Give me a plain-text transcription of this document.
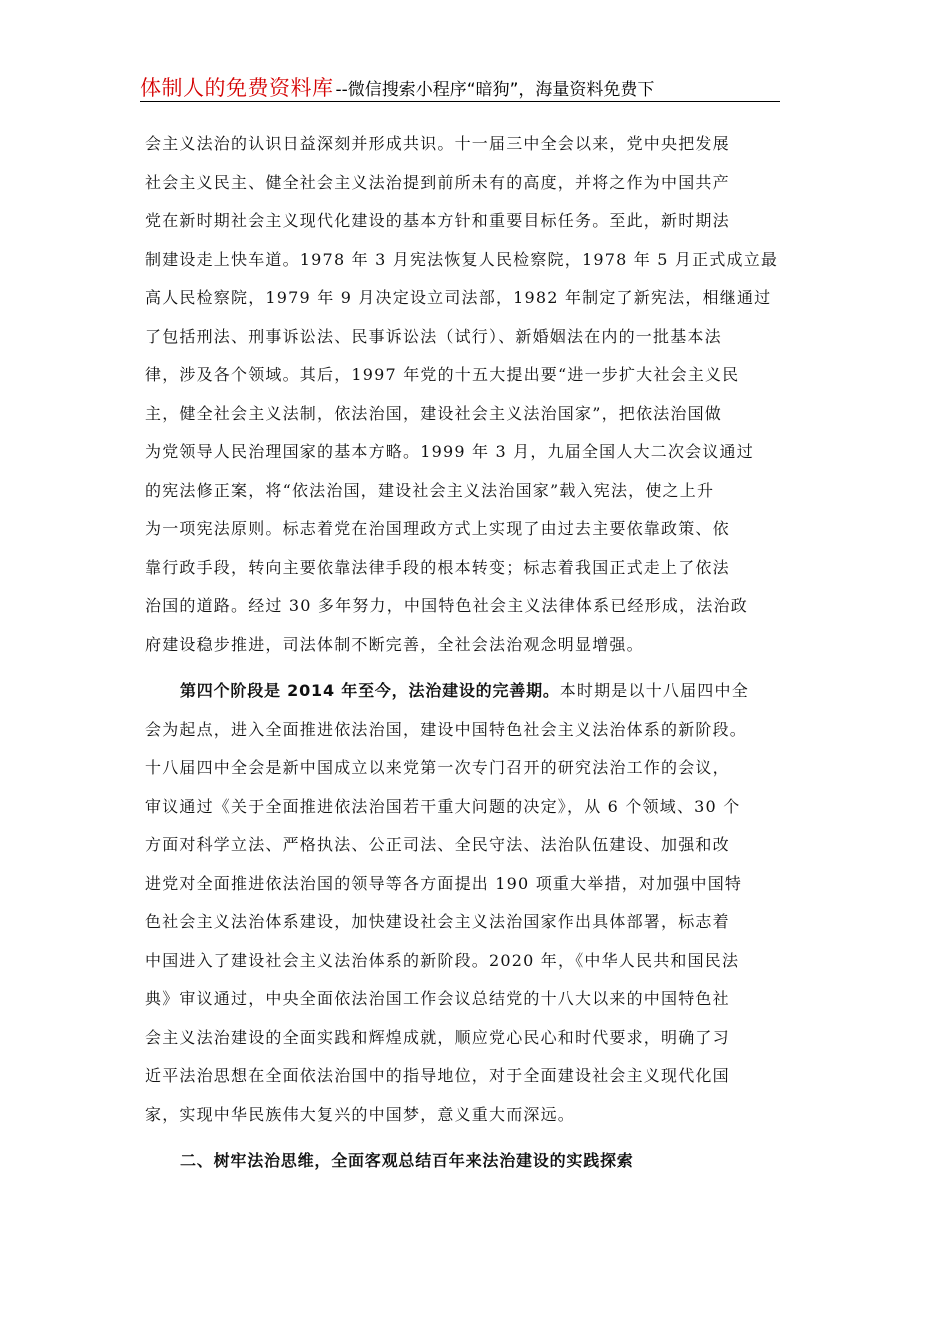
体制人的免费资料库 --微信搜索小程序“暗狗”，海量资料免费下
会主义法治的认识日益深刻并形成共识。十一届三中全会以来，党中央把发展
社会主义民主、健全社会主义法治提到前所未有的高度，并将之作为中国共产
党在新时期社会主义现代化建设的基本方针和重要目标任务。至此，新时期法
制建设走上快车道。1978 年 3 月宪法恢复人民检察院，1978 年 5 月正式成立最
高人民检察院，1979 年 9 月决定设立司法部，1982 年制定了新宪法，相继通过
了包括刑法、刑事诉讼法、民事诉讼法（试行）、新婚姻法在内的一批基本法
律，涉及各个领域。其后，1997 年党的十五大提出要“进一步扩大社会主义民
主，健全社会主义法制，依法治国，建设社会主义法治国家”，把依法治国做
为党领导人民治理国家的基本方略。1999 年 3 月，九届全国人大二次会议通过
的宪法修正案，将“依法治国，建设社会主义法治国家”载入宪法，使之上升
为一项宪法原则。标志着党在治国理政方式上实现了由过去主要依靠政策、依
靠行政手段，转向主要依靠法律手段的根本转变；标志着我国正式走上了依法
治国的道路。经过 30 多年努力，中国特色社会主义法律体系已经形成，法治政
府建设稳步推进，司法体制不断完善，全社会法治观念明显增强。
第四个阶段是 2014 年至今，法治建设的完善期。本时期是以十八届四中全
会为起点，进入全面推进依法治国，建设中国特色社会主义法治体系的新阶段。
十八届四中全会是新中国成立以来党第一次专门召开的研究法治工作的会议，
审议通过《关于全面推进依法治国若干重大问题的决定》，从 6 个领域、30 个
方面对科学立法、严格执法、公正司法、全民守法、法治队伍建设、加强和改
进党对全面推进依法治国的领导等各方面提出 190 项重大举措，对加强中国特
色社会主义法治体系建设，加快建设社会主义法治国家作出具体部署，标志着
中国进入了建设社会主义法治体系的新阶段。2020 年，《中华人民共和国民法
典》审议通过，中央全面依法治国工作会议总结党的十八大以来的中国特色社
会主义法治建设的全面实践和辉煌成就，顺应党心民心和时代要求，明确了习
近平法治思想在全面依法治国中的指导地位，对于全面建设社会主义现代化国
家，实现中华民族伟大复兴的中国梦，意义重大而深远。
二、树牢法治思维，全面客观总结百年来法治建设的实践探索
